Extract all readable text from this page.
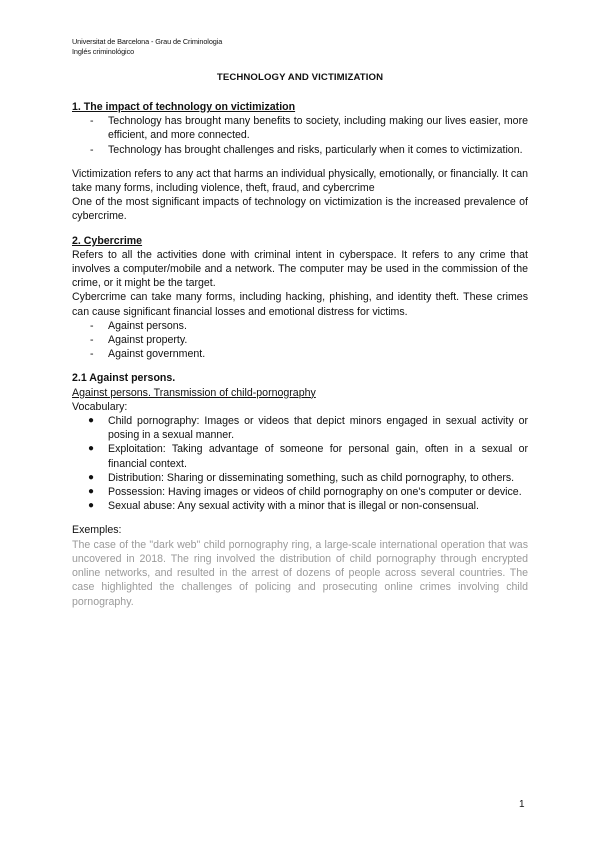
Universitat de Barcelona - Grau de Criminologia
Inglés criminológico
TECHNOLOGY AND VICTIMIZATION

1. The impact of technology on victimization

- Technology has brought many benefits to society, including making our lives easier, more efficient, and more connected.
- Technology has brought challenges and risks, particularly when it comes to victimization.

Victimization refers to any act that harms an individual physically, emotionally, or financially. It can take many forms, including violence, theft, fraud, and cybercrime

One of the most significant impacts of technology on victimization is the increased prevalence of cybercrime.

2. Cybercrime

Refers to all the activities done with criminal intent in cyberspace. It refers to any crime that involves a computer/mobile and a network. The computer may be used in the commission of the crime, or it might be the target.

Cybercrime can take many forms, including hacking, phishing, and identity theft. These crimes can cause significant financial losses and emotional distress for victims.

- Against persons.
- Against property.
- Against government.

2.1 Against persons.

Against persons. Transmission of child-pornography

Vocabulary:

● Child pornography: Images or videos that depict minors engaged in sexual activity or posing in a sexual manner.
● Exploitation: Taking advantage of someone for personal gain, often in a sexual or financial context.
● Distribution: Sharing or disseminating something, such as child pornography, to others.
● Possession: Having images or videos of child pornography on one's computer or device.
● Sexual abuse: Any sexual activity with a minor that is illegal or non-consensual.

Exemples:

The case of the "dark web" child pornography ring, a large-scale international operation that was uncovered in 2018. The ring involved the distribution of child pornography through encrypted online networks, and resulted in the arrest of dozens of people across several countries. The case highlighted the challenges of policing and prosecuting online crimes involving child pornography.

1
